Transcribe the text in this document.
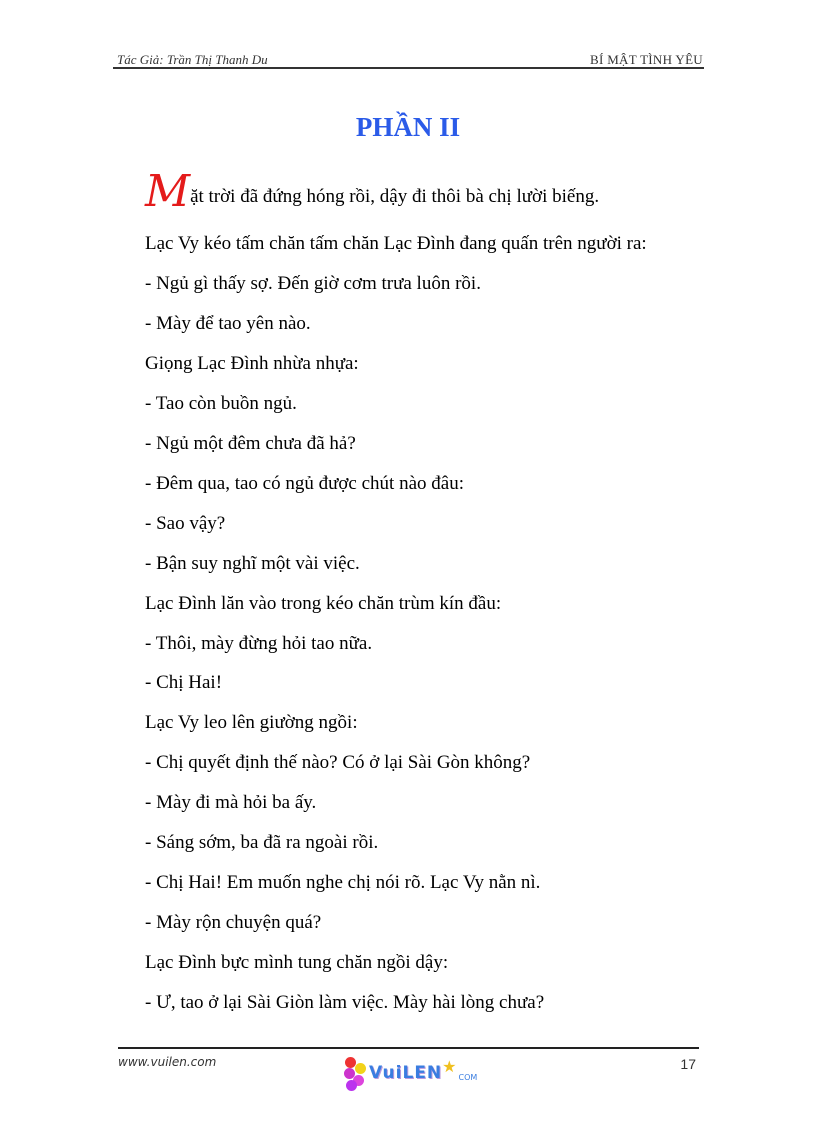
Tác Giả: Trần Thị Thanh Du	BÍ MẬT TÌNH YÊU
PHẦN II
Mặt trời đã đứng hóng rồi, dậy đi thôi bà chị lười biếng.
Lạc Vy kéo tấm chăn tấm chăn Lạc Đình đang quấn trên người ra:
- Ngủ gì thấy sợ. Đến giờ cơm trưa luôn rồi.
- Mày để tao yên nào.
Giọng Lạc Đình nhừa nhựa:
- Tao còn buồn ngủ.
- Ngủ một đêm chưa đã hả?
- Đêm qua, tao có ngủ được chút nào đâu:
- Sao vậy?
- Bận suy nghĩ một vài việc.
Lạc Đình lăn vào trong kéo chăn trùm kín đầu:
- Thôi, mày đừng hỏi tao nữa.
- Chị Hai!
Lạc Vy leo lên giường ngồi:
- Chị quyết định thế nào? Có ở lại Sài Gòn không?
- Mày đi mà hỏi ba ấy.
- Sáng sớm, ba đã ra ngoài rồi.
- Chị Hai! Em muốn nghe chị nói rõ. Lạc Vy nằn nì.
- Mày rộn chuyện quá?
Lạc Đình bực mình tung chăn ngồi dậy:
- Ư, tao ở lại Sài Giòn làm việc. Mày hài lòng chưa?
www.vuilen.com
VuiLEN ★
COM
17
